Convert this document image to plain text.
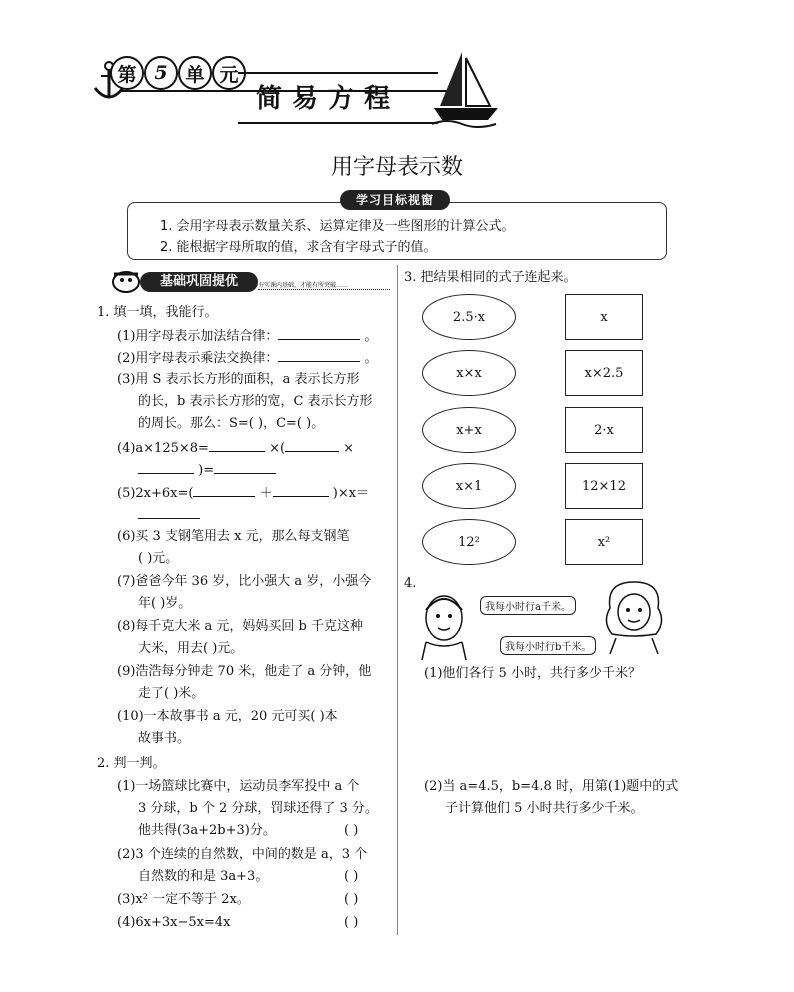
第 5 单 元
简易方程
用字母表示数
学习目标视窗
1. 会用字母表示数量关系、运算定律及一些图形的计算公式。
2. 能根据字母所取的值，求含有字母式子的值。
基础巩固提优	夯实课内基础，才能有所突破……
1. 填一填，我能行。
(1)用字母表示加法结合律：	。
(2)用字母表示乘法交换律：	。
(3)用 S 表示长方形的面积，a 表示长方形
的长，b 表示长方形的宽，C 表示长方形
的周长。那么：S=( )，C=( )。
(4)a×125×8=	×(	×
)=
(5)2x+6x=(	＋	)×x＝
(6)买 3 支钢笔用去 x 元，那么每支钢笔
( )元。
(7)爸爸今年 36 岁，比小强大 a 岁，小强今
年( )岁。
(8)每千克大米 a 元，妈妈买回 b 千克这种
大米，用去( )元。
(9)浩浩每分钟走 70 米，他走了 a 分钟，他
走了( )米。
(10)一本故事书 a 元，20 元可买( )本
故事书。
2. 判一判。
(1)一场篮球比赛中，运动员李军投中 a 个
3 分球，b 个 2 分球，罚球还得了 3 分。
他共得(3a+2b+3)分。	( )
(2)3 个连续的自然数，中间的数是 a，3 个
自然数的和是 3a+3。	( )
(3)x² 一定不等于 2x。	( )
(4)6x+3x−5x=4x	( )
3. 把结果相同的式子连起来。
2.5·x
x×x
x+x
x×1
12²
x
x×2.5
2·x
12×12
x²
4.
我每小时行a千米。
我每小时行b千米。
(1)他们各行 5 小时，共行多少千米？
(2)当 a=4.5，b=4.8 时，用第(1)题中的式
子计算他们 5 小时共行多少千米。
